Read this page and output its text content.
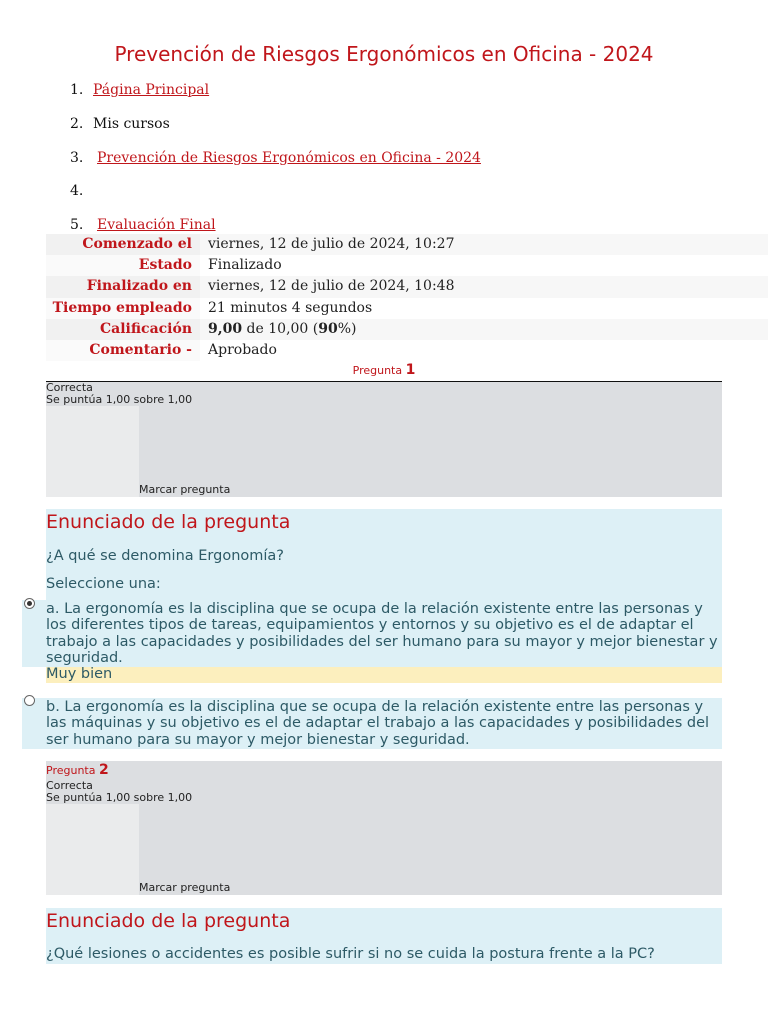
Prevención de Riesgos Ergonómicos en Oficina - 2024
1. Página Principal
2. Mis cursos
3. Prevención de Riesgos Ergonómicos en Oficina - 2024
4.
5. Evaluación Final
Comenzado el	viernes, 12 de julio de 2024, 10:27
Estado	Finalizado
Finalizado en	viernes, 12 de julio de 2024, 10:48
Tiempo empleado	21 minutos 4 segundos
Calificación	9,00 de 10,00 (90%)
Comentario -	Aprobado
Pregunta 1
Correcta
Se puntúa 1,00 sobre 1,00
Marcar pregunta
Enunciado de la pregunta
¿A qué se denomina Ergonomía?
Seleccione una:
a. La ergonomía es la disciplina que se ocupa de la relación existente entre las personas y los diferentes tipos de tareas, equipamientos y entornos y su objetivo es el de adaptar el trabajo a las capacidades y posibilidades del ser humano para su mayor y mejor bienestar y seguridad.
Muy bien
b. La ergonomía es la disciplina que se ocupa de la relación existente entre las personas y las máquinas y su objetivo es el de adaptar el trabajo a las capacidades y posibilidades del ser humano para su mayor y mejor bienestar y seguridad.
Pregunta 2
Correcta
Se puntúa 1,00 sobre 1,00
Marcar pregunta
Enunciado de la pregunta
¿Qué lesiones o accidentes es posible sufrir si no se cuida la postura frente a la PC?
